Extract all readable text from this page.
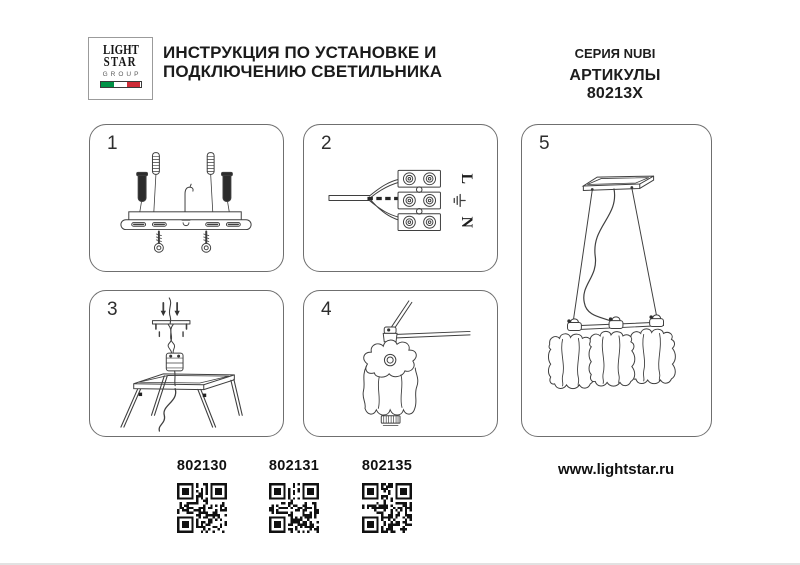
LIGHT
STAR
GROUP
ИНСТРУКЦИЯ ПО УСТАНОВКЕ И
ПОДКЛЮЧЕНИЮ СВЕТИЛЬНИКА
СЕРИЯ NUBI
АРТИКУЛЫ 80213X
1
L
N
2
3	4
5
802130	802131	802135	www.lightstar.ru
